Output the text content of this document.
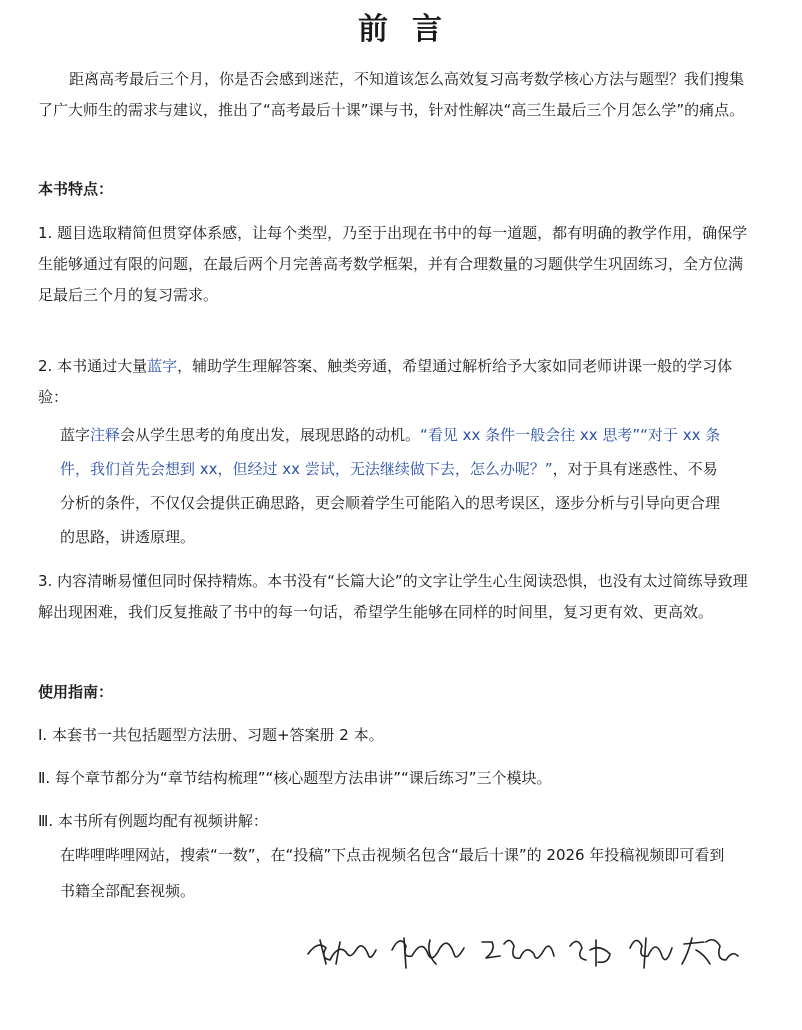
前 言

距离高考最后三个月，你是否会感到迷茫，不知道该怎么高效复习高考数学核心方法与题型？我们搜集了广大师生的需求与建议，推出了“高考最后十课”课与书，针对性解决“高三生最后三个月怎么学”的痛点。

本书特点：

1. 题目选取精简但贯穿体系感，让每个类型，乃至于出现在书中的每一道题，都有明确的教学作用，确保学生能够通过有限的问题，在最后两个月完善高考数学框架，并有合理数量的习题供学生巩固练习，全方位满足最后三个月的复习需求。

2. 本书通过大量蓝字，辅助学生理解答案、触类旁通，希望通过解析给予大家如同老师讲课一般的学习体验：

蓝字注释会从学生思考的角度出发，展现思路的动机。“看见 xx 条件一般会往 xx 思考”“对于 xx 条件，我们首先会想到 xx，但经过 xx 尝试，无法继续做下去，怎么办呢？”，对于具有迷惑性、不易分析的条件，不仅仅会提供正确思路，更会顺着学生可能陷入的思考误区，逐步分析与引导向更合理的思路，讲透原理。

3. 内容清晰易懂但同时保持精炼。本书没有“长篇大论”的文字让学生心生阅读恐惧，也没有太过简练导致理解出现困难，我们反复推敲了书中的每一句话，希望学生能够在同样的时间里，复习更有效、更高效。

使用指南：

Ⅰ. 本套书一共包括题型方法册、习题+答案册 2 本。

Ⅱ. 每个章节都分为“章节结构梳理”“核心题型方法串讲”“课后练习”三个模块。

Ⅲ. 本书所有例题均配有视频讲解：

在哔哩哔哩网站，搜索“一数”，在“投稿”下点击视频名包含“最后十课”的 2026 年投稿视频即可看到书籍全部配套视频。
